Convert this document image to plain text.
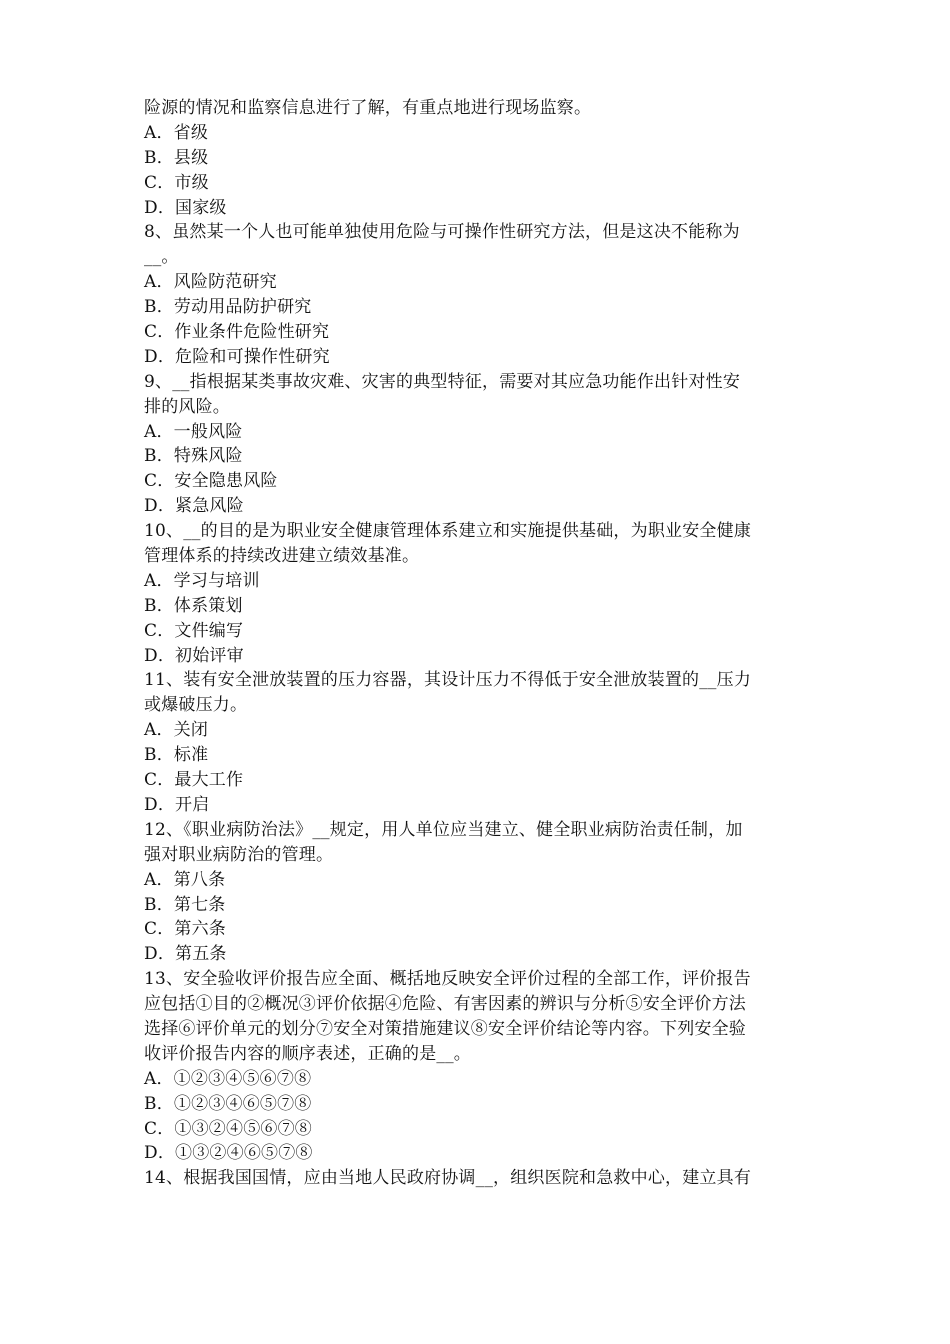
险源的情况和监察信息进行了解，有重点地进行现场监察。
A．省级
B．县级
C．市级
D．国家级
8、虽然某一个人也可能单独使用危险与可操作性研究方法，但是这决不能称为
__。
A．风险防范研究
B．劳动用品防护研究
C．作业条件危险性研究
D．危险和可操作性研究
9、__指根据某类事故灾难、灾害的典型特征，需要对其应急功能作出针对性安
排的风险。
A．一般风险
B．特殊风险
C．安全隐患风险
D．紧急风险
10、__的目的是为职业安全健康管理体系建立和实施提供基础，为职业安全健康
管理体系的持续改进建立绩效基准。
A．学习与培训
B．体系策划
C．文件编写
D．初始评审
11、装有安全泄放装置的压力容器，其设计压力不得低于安全泄放装置的__压力
或爆破压力。
A．关闭
B．标准
C．最大工作
D．开启
12、《职业病防治法》__规定，用人单位应当建立、健全职业病防治责任制，加
强对职业病防治的管理。
A．第八条
B．第七条
C．第六条
D．第五条
13、安全验收评价报告应全面、概括地反映安全评价过程的全部工作，评价报告
应包括①目的②概况③评价依据④危险、有害因素的辨识与分析⑤安全评价方法
选择⑥评价单元的划分⑦安全对策措施建议⑧安全评价结论等内容。下列安全验
收评价报告内容的顺序表述，正确的是__。
A．①②③④⑤⑥⑦⑧
B．①②③④⑥⑤⑦⑧
C．①③②④⑤⑥⑦⑧
D．①③②④⑥⑤⑦⑧
14、根据我国国情，应由当地人民政府协调__，组织医院和急救中心，建立具有
